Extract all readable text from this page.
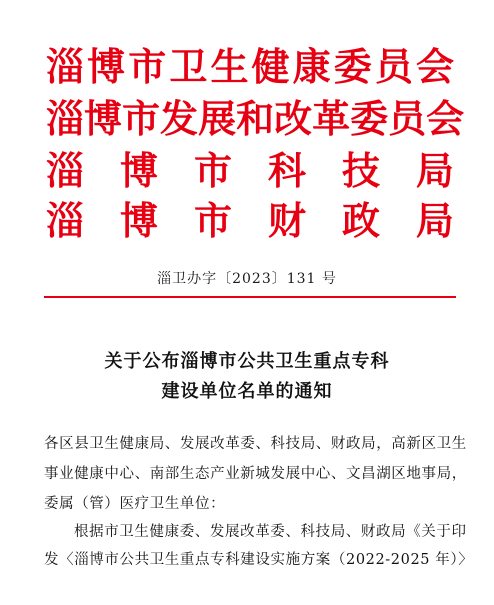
淄 博 市 卫 生 健 康 委 员 会
淄 博 市 发 展 和 改 革 委 员 会
淄 博 市 科 技 局
淄 博 市 财 政 局
淄卫办字〔2023〕131 号
关于公布淄博市公共卫生重点专科
建设单位名单的通知
各区县卫生健康局、发展改革委、科技局、财政局，高新区卫生
事业健康中心、南部生态产业新城发展中心、文昌湖区地事局，
委属（管）医疗卫生单位：
根据市卫生健康委、发展改革委、科技局、财政局《关于印
发〈淄博市公共卫生重点专科建设实施方案（2022-2025 年）〉
